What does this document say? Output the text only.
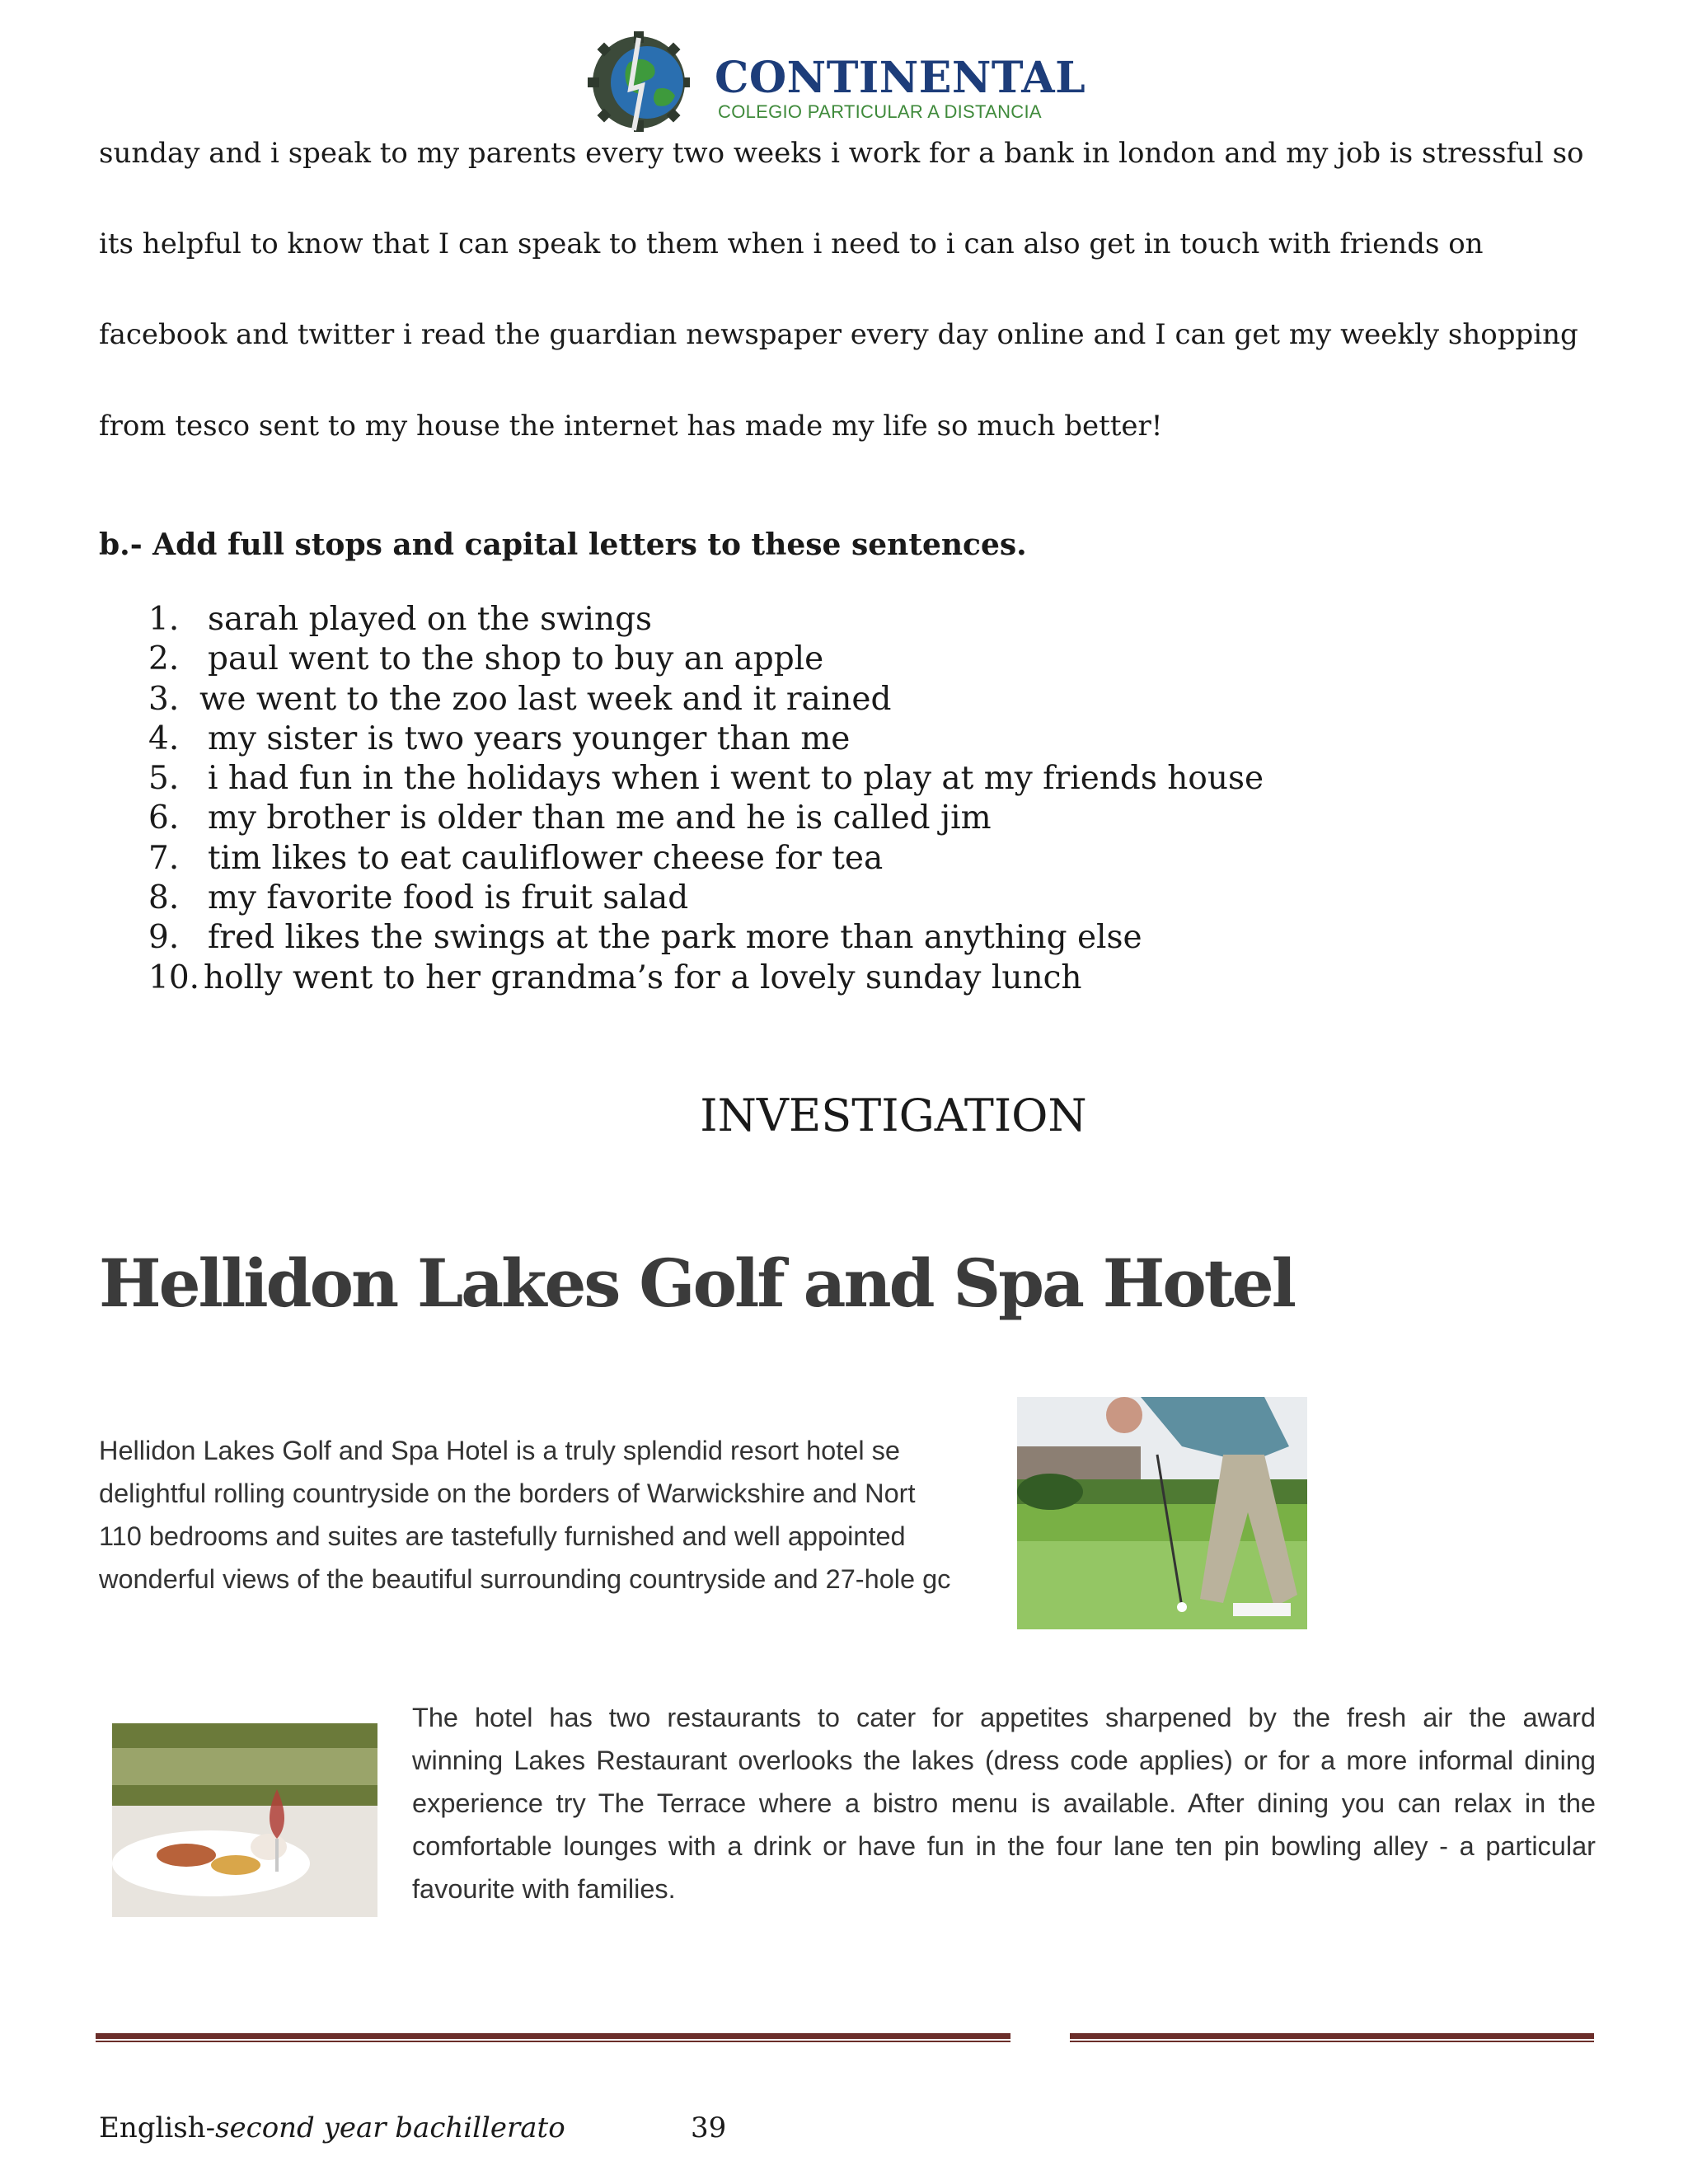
CONTINENTAL
COLEGIO PARTICULAR A DISTANCIA
sunday and i speak to my parents every two weeks i work for a bank in london and my job is stressful so
its helpful to know that I can speak to them when i need to i can also get in touch with friends on
facebook and twitter i read the guardian newspaper every day online and I can get my weekly shopping
from tesco sent to my house the internet has made my life so much better!
b.- Add full stops and capital letters to these sentences.
1. sarah played on the swings
2. paul went to the shop to buy an apple
3. we went to the zoo last week and it rained
4. my sister is two years younger than me
5. i had fun in the holidays when i went to play at my friends house
6. my brother is older than me and he is called jim
7. tim likes to eat cauliflower cheese for tea
8. my favorite food is fruit salad
9. fred likes the swings at the park more than anything else
10. holly went to her grandma’s for a lovely sunday lunch
INVESTIGATION
Hellidon Lakes Golf and Spa Hotel
Hellidon Lakes Golf and Spa Hotel is a truly splendid resort hotel se
delightful rolling countryside on the borders of Warwickshire and Nort
110 bedrooms and suites are tastefully furnished and well appointed
wonderful views of the beautiful surrounding countryside and 27-hole gc
The hotel has two restaurants to cater for appetites sharpened by the fresh air the award
winning Lakes Restaurant overlooks the lakes (dress code applies) or for a more informal dining
experience try The Terrace where a bistro menu is available. After dining you can relax in the
comfortable lounges with a drink or have fun in the four lane ten pin bowling alley - a particular
favourite with families.
English-second year bachillerato	39
